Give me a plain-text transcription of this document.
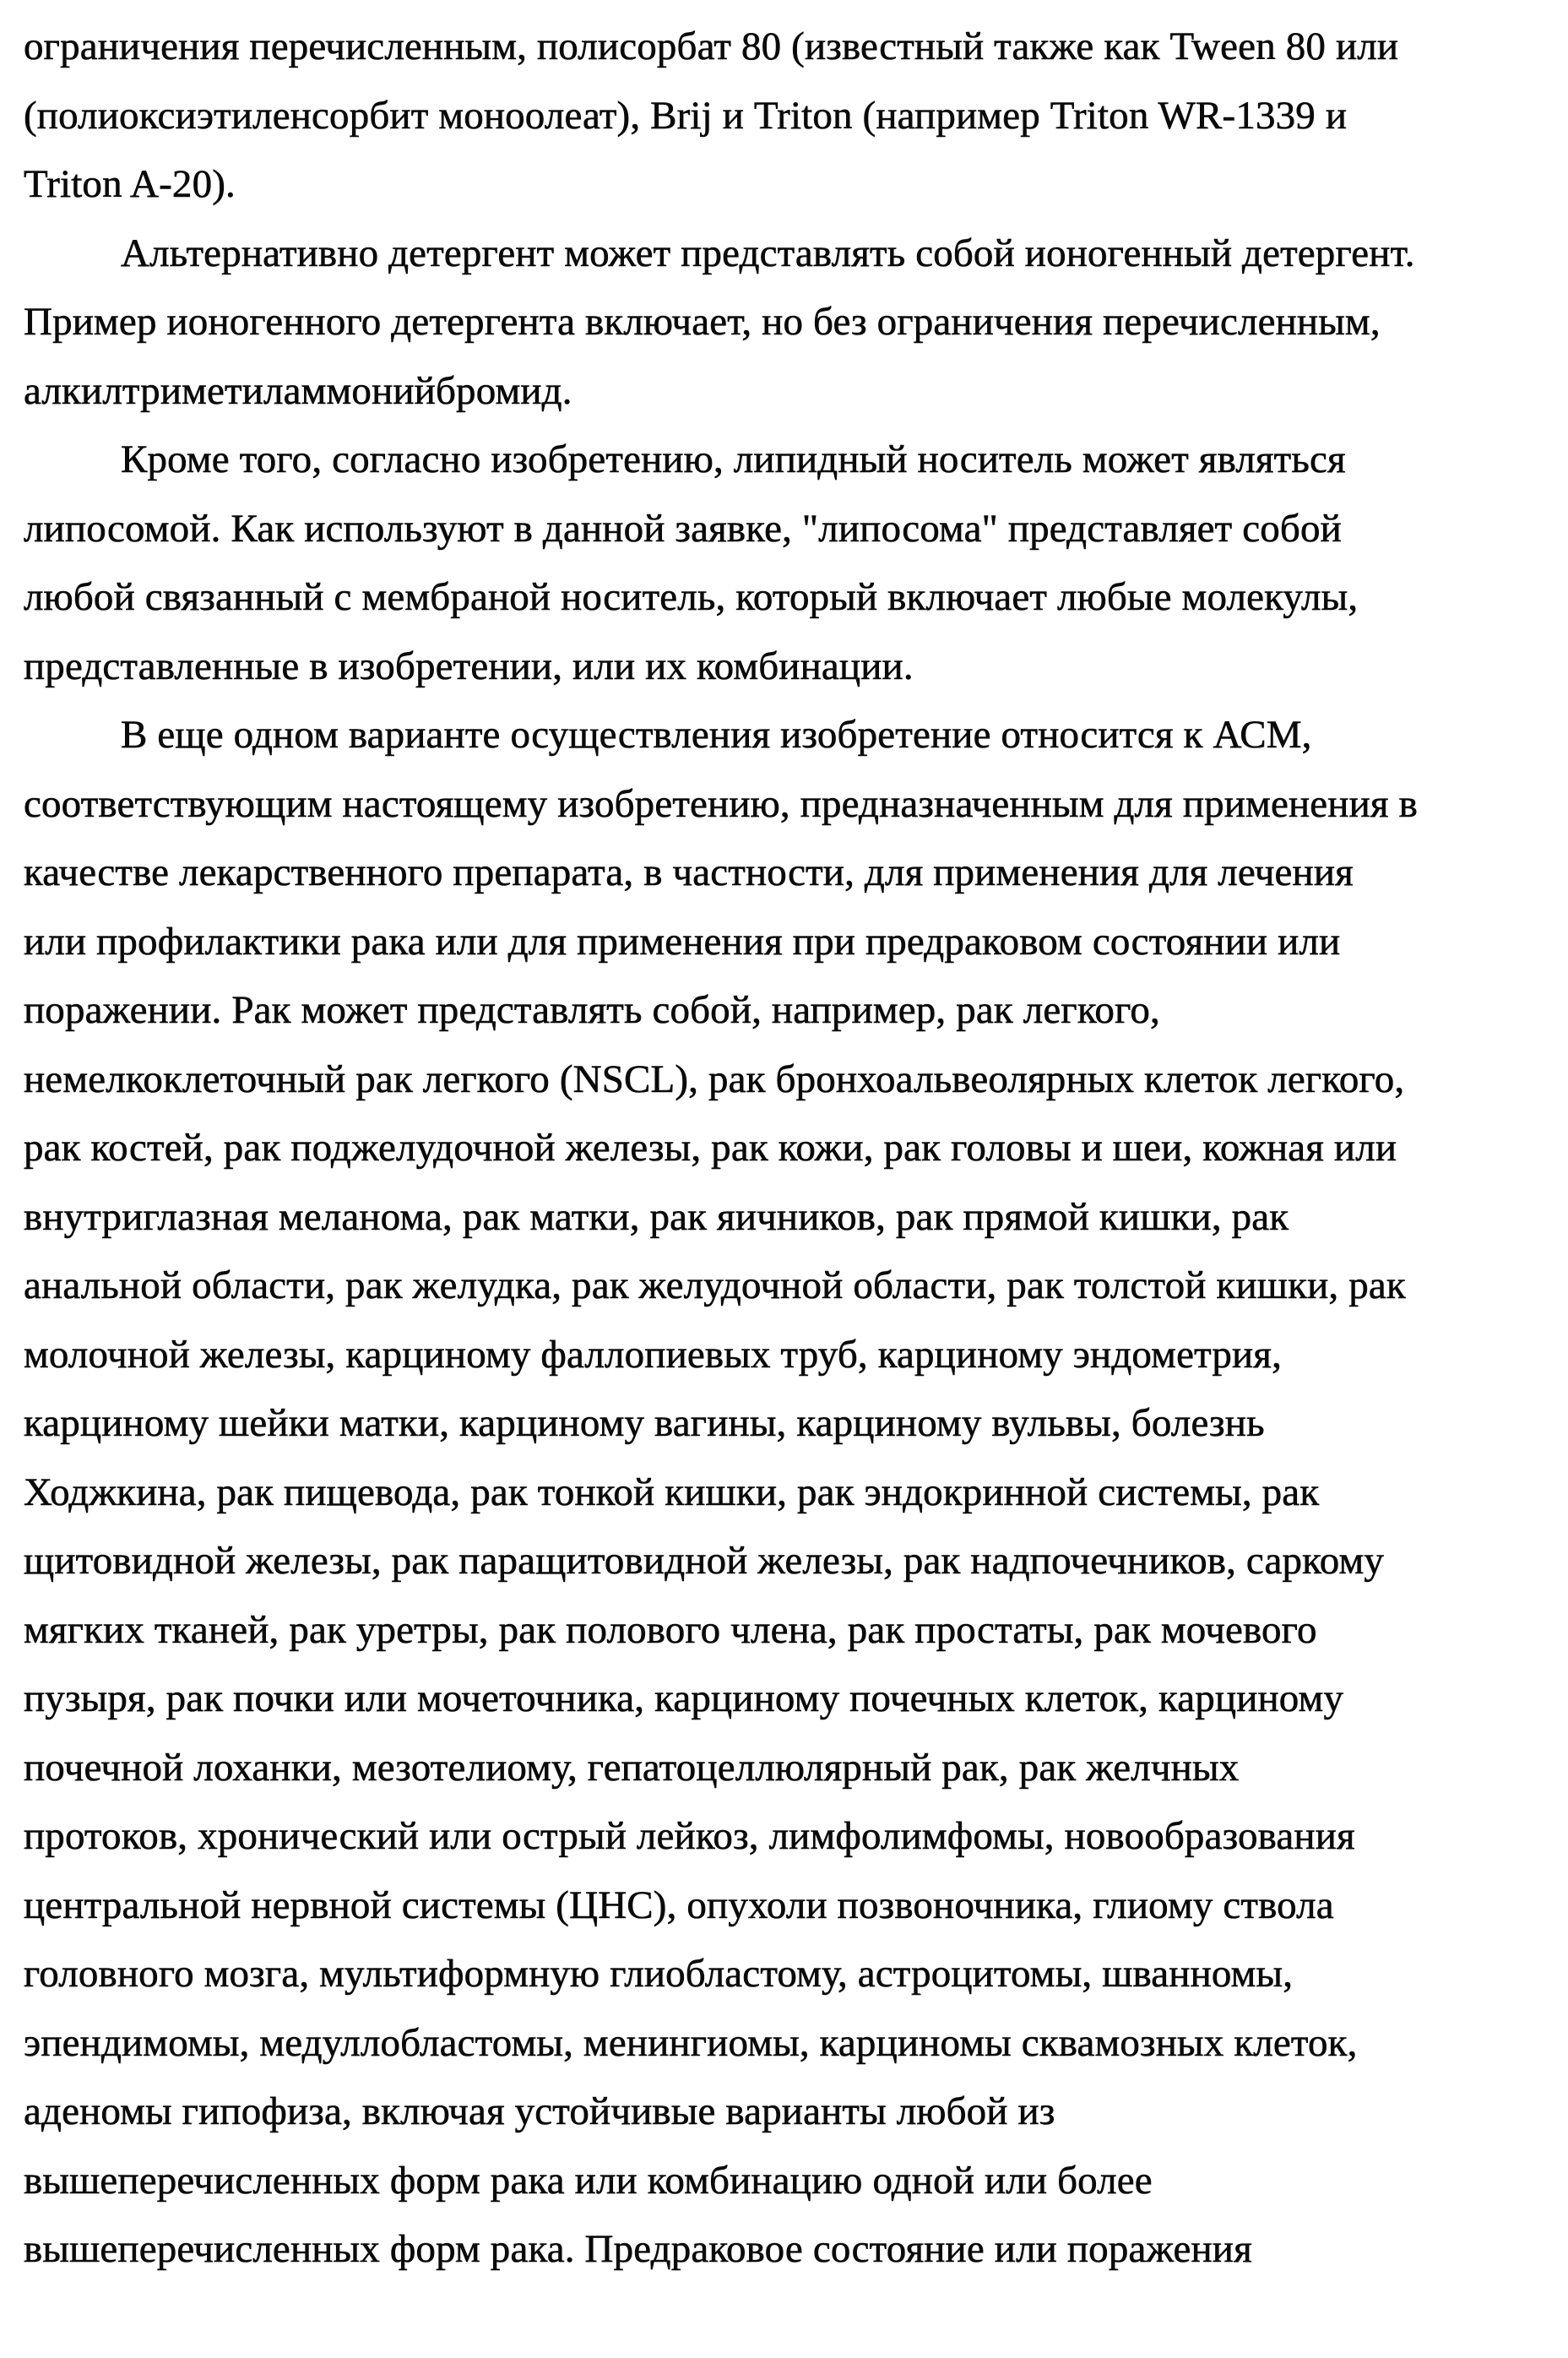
ограничения перечисленным, полисорбат 80 (известный также как Tween 80 или
(полиоксиэтиленсорбит моноолеат), Brij и Triton (например Triton WR-1339 и
Triton A-20).
Альтернативно детергент может представлять собой ионогенный детергент.
Пример ионогенного детергента включает, но без ограничения перечисленным,
алкилтриметиламмонийбромид.
Кроме того, согласно изобретению, липидный носитель может являться
липосомой. Как используют в данной заявке, "липосома" представляет собой
любой связанный с мембраной носитель, который включает любые молекулы,
представленные в изобретении, или их комбинации.
В еще одном варианте осуществления изобретение относится к АСМ,
соответствующим настоящему изобретению, предназначенным для применения в
качестве лекарственного препарата, в частности, для применения для лечения
или профилактики рака или для применения при предраковом состоянии или
поражении. Рак может представлять собой, например, рак легкого,
немелкоклеточный рак легкого (NSCL), рак бронхоальвеолярных клеток легкого,
рак костей, рак поджелудочной железы, рак кожи, рак головы и шеи, кожная или
внутриглазная меланома, рак матки, рак яичников, рак прямой кишки, рак
анальной области, рак желудка, рак желудочной области, рак толстой кишки, рак
молочной железы, карциному фаллопиевых труб, карциному эндометрия,
карциному шейки матки, карциному вагины, карциному вульвы, болезнь
Ходжкина, рак пищевода, рак тонкой кишки, рак эндокринной системы, рак
щитовидной железы, рак паращитовидной железы, рак надпочечников, саркому
мягких тканей, рак уретры, рак полового члена, рак простаты, рак мочевого
пузыря, рак почки или мочеточника, карциному почечных клеток, карциному
почечной лоханки, мезотелиому, гепатоцеллюлярный рак, рак желчных
протоков, хронический или острый лейкоз, лимфолимфомы, новообразования
центральной нервной системы (ЦНС), опухоли позвоночника, глиому ствола
головного мозга, мультиформную глиобластому, астроцитомы, шванномы,
эпендимомы, медуллобластомы, менингиомы, карциномы сквамозных клеток,
аденомы гипофиза, включая устойчивые варианты любой из
вышеперечисленных форм рака или комбинацию одной или более
вышеперечисленных форм рака. Предраковое состояние или поражения
